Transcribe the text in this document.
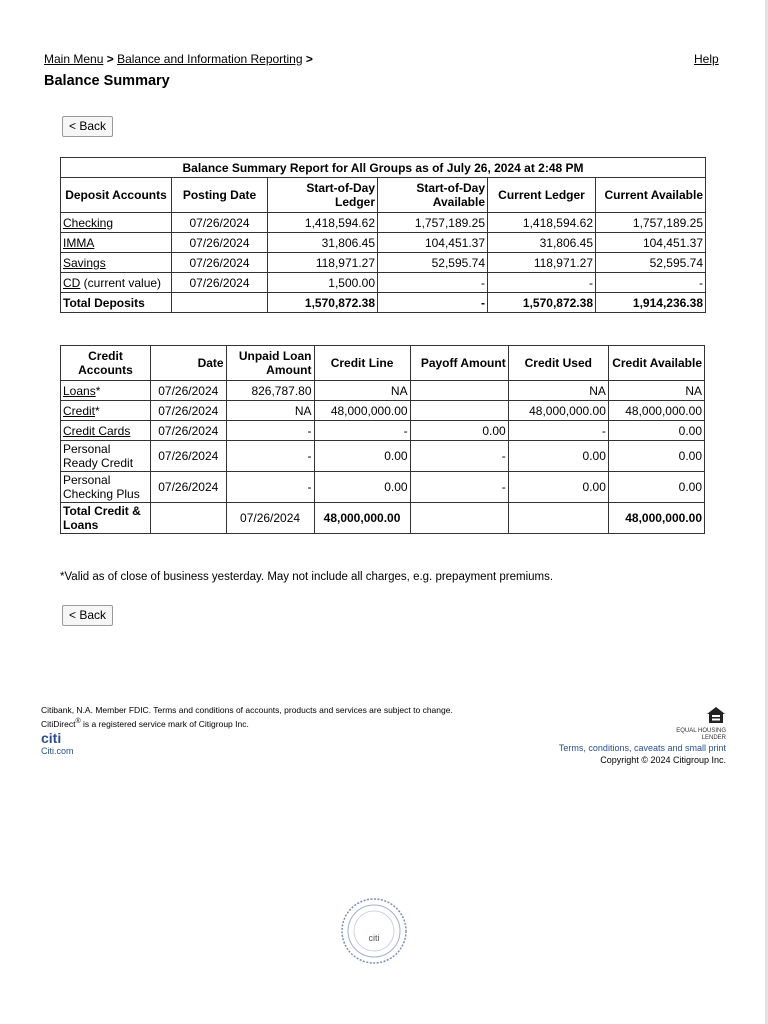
Main Menu > Balance and Information Reporting >	Help
Balance Summary
< Back
Balance Summary Report for All Groups as of July 26, 2024 at 2:48 PM					
Deposit Accounts	Posting Date	Start-of-Day Ledger	Start-of-Day Available	Current Ledger	Current Available
Checking	07/26/2024	1,418,594.62	1,757,189.25	1,418,594.62	1,757,189.25
IMMA	07/26/2024	31,806.45	104,451.37	31,806.45	104,451.37
Savings	07/26/2024	118,971.27	52,595.74	118,971.27	52,595.74
CD (current value)	07/26/2024	1,500.00	-	-	-
Total Deposits		1,570,872.38	-	1,570,872.38	1,914,236.38
Credit Accounts	Date	Unpaid Loan Amount	Credit Line	Payoff Amount	Credit Used	Credit Available
Loans*	07/26/2024	826,787.80	NA		NA	NA
Credit*	07/26/2024	NA	48,000,000.00		48,000,000.00	48,000,000.00
Credit Cards	07/26/2024	-	-	0.00	-	0.00
Personal Ready Credit	07/26/2024	-	0.00	-	0.00	0.00
Personal Checking Plus	07/26/2024	-	0.00	-	0.00	0.00
Total Credit & Loans		07/26/2024	48,000,000.00			48,000,000.00
*Valid as of close of business yesterday. May not include all charges, e.g. prepayment premiums.
< Back
Citibank, N.A. Member FDIC. Terms and conditions of accounts, products and services are subject to change.
CitiDirect® is a registered service mark of Citigroup Inc.
citi
Citi.com
EQUAL HOUSING
LENDER
Terms, conditions, caveats and small print
Copyright © 2024 Citigroup Inc.
citi
